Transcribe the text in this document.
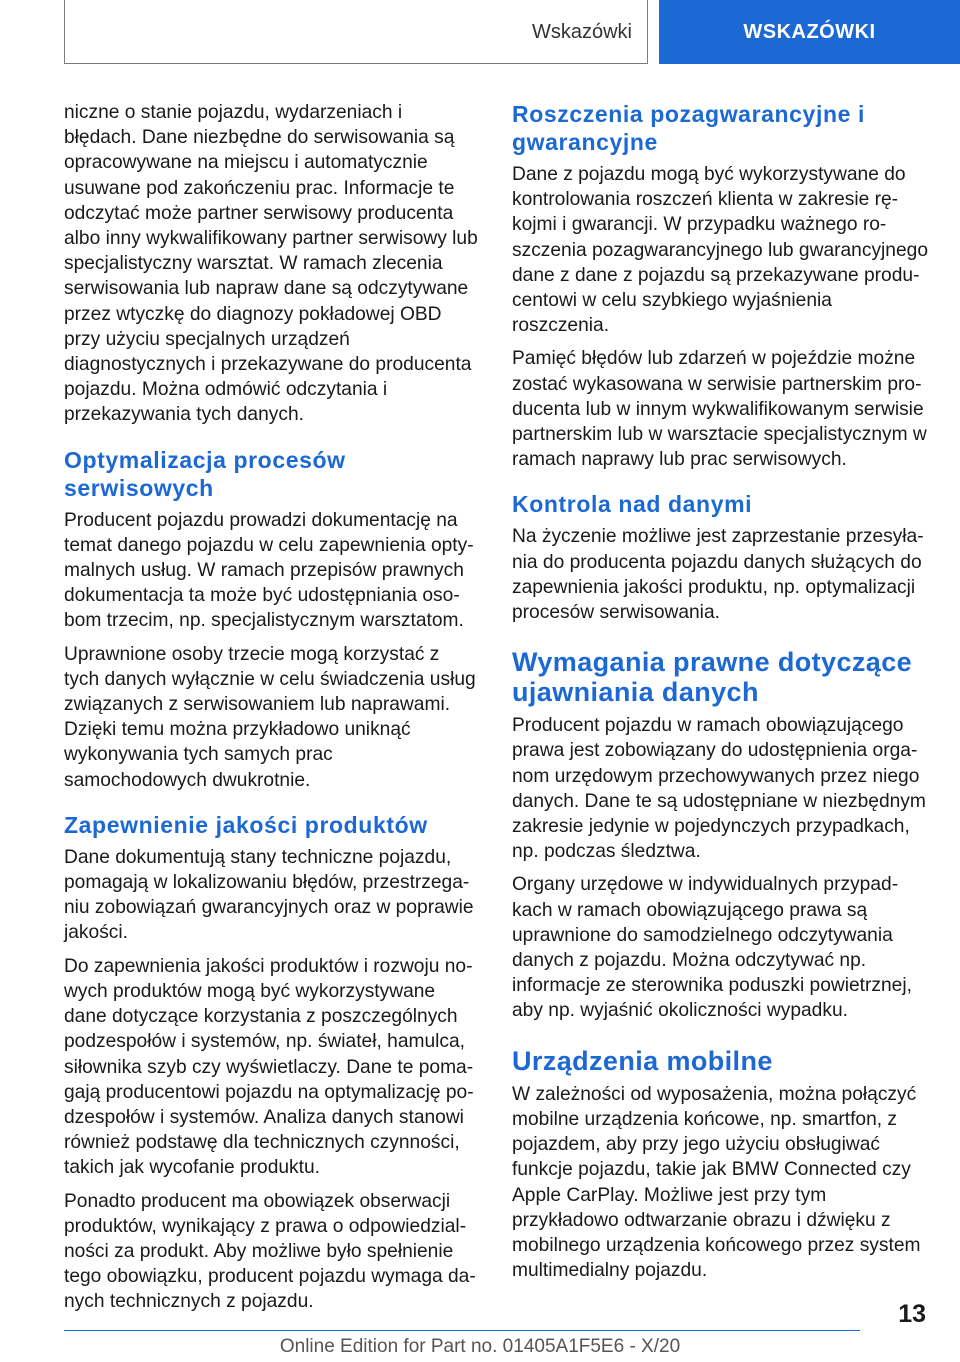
Wskazówki	WSKAZÓWKI

niczne o stanie pojazdu, wydarzeniach i błędach. Dane niezbędne do serwisowania są opracowywane na miejscu i automatycznie usuwane pod zakończeniu prac. Informacje te odczytać może partner serwisowy producenta albo inny wykwalifikowany partner serwisowy lub specjalistyczny warsztat. W ramach zlecenia serwisowania lub napraw dane są odczytywane przez wtyczkę do diagnozy pokładowej OBD przy użyciu specjalnych urządzeń diagnostycznych i przekazywane do producenta pojazdu. Można odmówić odczytania i przekazywania tych danych.

Optymalizacja procesów serwisowych

Producent pojazdu prowadzi dokumentację na temat danego pojazdu w celu zapewnienia optymalnych usług. W ramach przepisów prawnych dokumentacja ta może być udostępniania osobom trzecim, np. specjalistycznym warsztatom.

Uprawnione osoby trzecie mogą korzystać z tych danych wyłącznie w celu świadczenia usług związanych z serwisowaniem lub naprawami. Dzięki temu można przykładowo uniknąć wykonywania tych samych prac samochodowych dwukrotnie.

Zapewnienie jakości produktów

Dane dokumentują stany techniczne pojazdu, pomagają w lokalizowaniu błędów, przestrzeganiu zobowiązań gwarancyjnych oraz w poprawie jakości.

Do zapewnienia jakości produktów i rozwoju nowych produktów mogą być wykorzystywane dane dotyczące korzystania z poszczególnych podzespołów i systemów, np. świateł, hamulca, siłownika szyb czy wyświetlaczy. Dane te pomagają producentowi pojazdu na optymalizację podzespołów i systemów. Analiza danych stanowi również podstawę dla technicznych czynności, takich jak wycofanie produktu.

Ponadto producent ma obowiązek obserwacji produktów, wynikający z prawa o odpowiedzialności za produkt. Aby możliwe było spełnienie tego obowiązku, producent pojazdu wymaga danych technicznych z pojazdu.

Roszczenia pozagwarancyjne i gwarancyjne

Dane z pojazdu mogą być wykorzystywane do kontrolowania roszczeń klienta w zakresie rękojmi i gwarancji. W przypadku ważnego roszczenia pozagwarancyjnego lub gwarancyjnego dane z dane z pojazdu są przekazywane producentowi w celu szybkiego wyjaśnienia roszczenia.

Pamięć błędów lub zdarzeń w pojeździe możne zostać wykasowana w serwisie partnerskim producenta lub w innym wykwalifikowanym serwisie partnerskim lub w warsztacie specjalistycznym w ramach naprawy lub prac serwisowych.

Kontrola nad danymi

Na życzenie możliwe jest zaprzestanie przesyłania do producenta pojazdu danych służących do zapewnienia jakości produktu, np. optymalizacji procesów serwisowania.

Wymagania prawne dotyczące ujawniania danych

Producent pojazdu w ramach obowiązującego prawa jest zobowiązany do udostępnienia organom urzędowym przechowywanych przez niego danych. Dane te są udostępniane w niezbędnym zakresie jedynie w pojedynczych przypadkach, np. podczas śledztwa.

Organy urzędowe w indywidualnych przypadkach w ramach obowiązującego prawa są uprawnione do samodzielnego odczytywania danych z pojazdu. Można odczytywać np. informacje ze sterownika poduszki powietrznej, aby np. wyjaśnić okoliczności wypadku.

Urządzenia mobilne

W zależności od wyposażenia, można połączyć mobilne urządzenia końcowe, np. smartfon, z pojazdem, aby przy jego użyciu obsługiwać funkcje pojazdu, takie jak BMW Connected czy Apple CarPlay. Możliwe jest przy tym przykładowo odtwarzanie obrazu i dźwięku z mobilnego urządzenia końcowego przez system multimedialny pojazdu.

13
Online Edition for Part no. 01405A1F5E6 - X/20
